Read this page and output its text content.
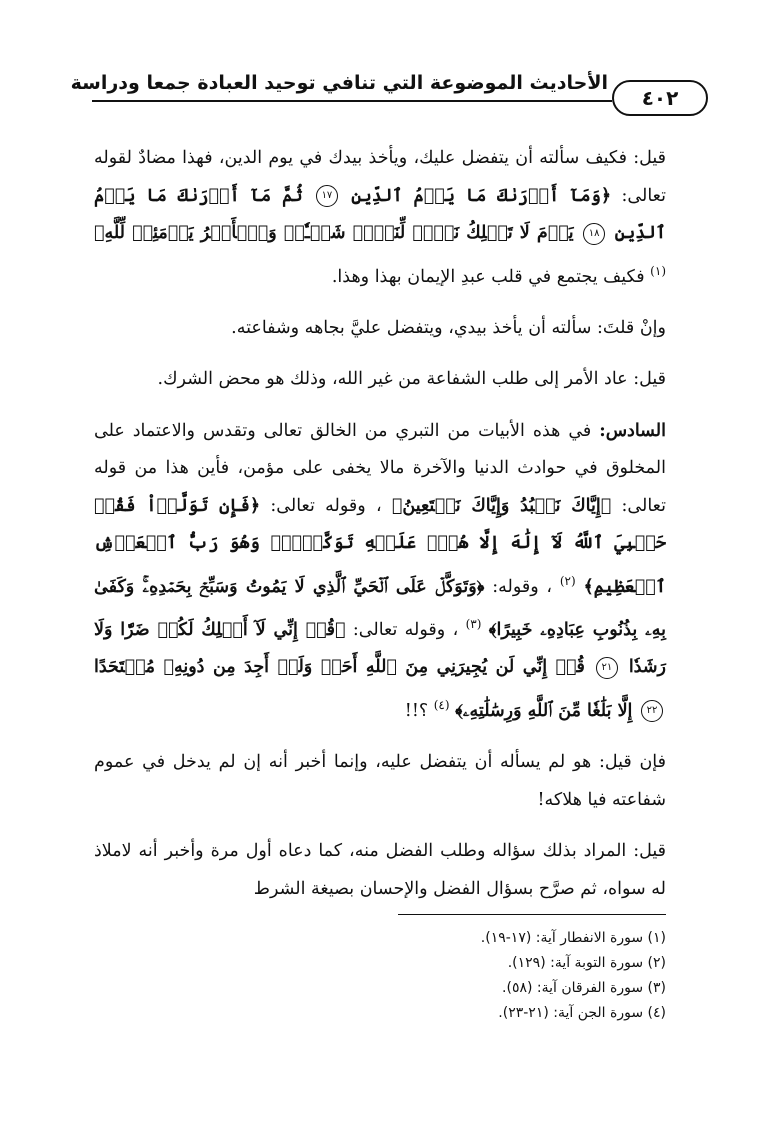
الأحاديث الموضوعة التي تنافي توحيد العبادة جمعا ودراسة
٤٠٢

قيل: فكيف سألته أن يتفضل عليك، ويأخذ بيدك في يوم الدين، فهذا مضادٌ لقوله تعالى: ﴿وَمَآ أَدۡرَىٰكَ مَا يَوۡمُ ٱلدِّينِ ١٧ ثُمَّ مَآ أَدۡرَىٰكَ مَا يَوۡمُ ٱلدِّينِ ١٨ يَوۡمَ لَا تَمۡلِكُ نَفۡسٞ لِّنَفۡسٖ شَيۡـٔٗاۖ وَٱلۡأَمۡرُ يَوۡمَئِذٖ لِّلَّهِ﴾ $^{(١)}$ فكيف يجتمع في قلب عبدِ الإيمان بهذا وهذا.

وإنْ قلتَ: سألته أن يأخذ بيدي، ويتفضل عليَّ بجاهه وشفاعته.

قيل: عاد الأمر إلى طلب الشفاعة من غير الله، وذلك هو محض الشرك.

السادس: في هذه الأبيات من التبري من الخالق تعالى وتقدس والاعتماد على المخلوق في حوادث الدنيا والآخرة مالا يخفى على مؤمن، فأين هذا من قوله تعالى: ﴿إِيَّاكَ نَعۡبُدُ وَإِيَّاكَ نَسۡتَعِينُ﴾ ، وقوله تعالى: ﴿فَإِن تَوَلَّوۡاْ فَقُلۡ حَسۡبِيَ ٱللَّهُ لَآ إِلَٰهَ إِلَّا هُوَۖ عَلَيۡهِ تَوَكَّلۡتُۖ وَهُوَ رَبُّ ٱلۡعَرۡشِ ٱلۡعَظِيمِ﴾ $^{(٢)}$ ، وقوله: ﴿وَتَوَكَّلۡ عَلَى ٱلۡحَيِّ ٱلَّذِي لَا يَمُوتُ وَسَبِّحۡ بِحَمۡدِهِۦۚ وَكَفَىٰ بِهِۦ بِذُنُوبِ عِبَادِهِۦ خَبِيرًا﴾ $^{(٣)}$ ، وقوله تعالى: ﴿قُلۡ إِنِّي لَآ أَمۡلِكُ لَكُمۡ ضَرّٗا وَلَا رَشَدٗا ٢١ قُلۡ إِنِّي لَن يُجِيرَنِي مِنَ ٱللَّهِ أَحَدٞ وَلَنۡ أَجِدَ مِن دُونِهِۦ مُلۡتَحَدًا ٢٢ إِلَّا بَلَٰغٗا مِّنَ ٱللَّهِ وَرِسَٰلَٰتِهِۦ﴾ $^{(٤)}$ ؟!!

فإن قيل: هو لم يسأله أن يتفضل عليه، وإنما أخبر أنه إن لم يدخل في عموم شفاعته فيا هلاكه!

قيل: المراد بذلك سؤاله وطلب الفضل منه، كما دعاه أول مرة وأخبر أنه لاملاذ له سواه، ثم صرَّح بسؤال الفضل والإحسان بصيغة الشرط

(١) سورة الانفطار آية: (١٧-١٩).
(٢) سورة التوبة آية: (١٢٩).
(٣) سورة الفرقان آية: (٥٨).
(٤) سورة الجن آية: (٢١-٢٣).
